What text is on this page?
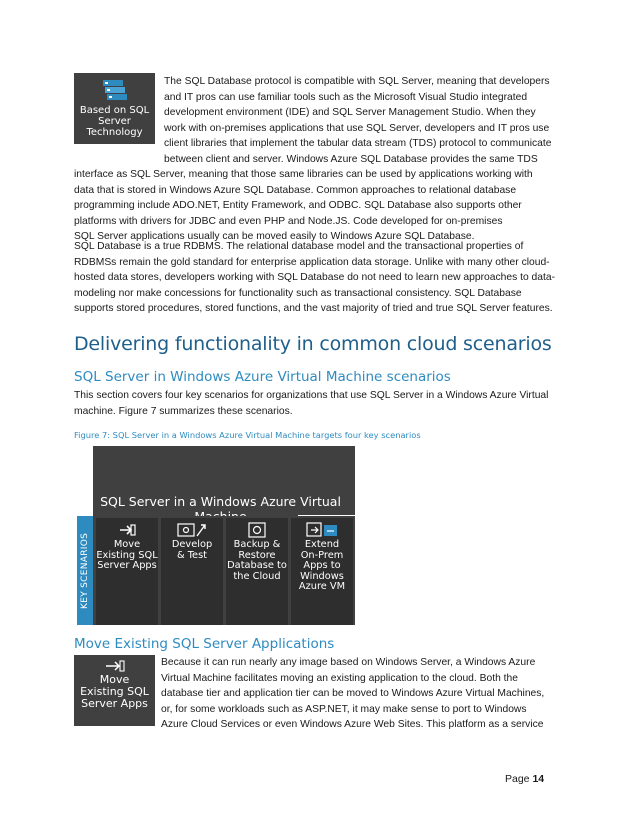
Based on SQL
Server
Technology
The SQL Database protocol is compatible with SQL Server, meaning that developers
and IT pros can use familiar tools such as the Microsoft Visual Studio integrated
development environment (IDE) and SQL Server Management Studio. When they
work with on-premises applications that use SQL Server, developers and IT pros use
client libraries that implement the tabular data stream (TDS) protocol to communicate
between client and server. Windows Azure SQL Database provides the same TDS
interface as SQL Server, meaning that those same libraries can be used by applications working with
data that is stored in Windows Azure SQL Database. Common approaches to relational database
programming include ADO.NET, Entity Framework, and ODBC. SQL Database also supports other
platforms with drivers for JDBC and even PHP and Node.JS. Code developed for on-premises
SQL Server applications usually can be moved easily to Windows Azure SQL Database.
SQL Database is a true RDBMS. The relational database model and the transactional properties of
RDBMSs remain the gold standard for enterprise application data storage. Unlike with many other cloud-
hosted data stores, developers working with SQL Database do not need to learn new approaches to data-
modeling nor make concessions for functionality such as transactional consistency. SQL Database
supports stored procedures, stored functions, and the vast majority of tried and true SQL Server features.
Delivering functionality in common cloud scenarios
SQL Server in Windows Azure Virtual Machine scenarios
This section covers four key scenarios for organizations that use SQL Server in a Windows Azure Virtual
machine. Figure 7 summarizes these scenarios.
Figure 7: SQL Server in a Windows Azure Virtual Machine targets four key scenarios
SQL Server in a Windows Azure Virtual
KEY SCENARIOS	Move
Existing SQL
Server Apps
Develop
& Test
Backup &
Restore
Database to
the Cloud
Extend
On-Prem
Apps to
Windows
Azure VM
Move Existing SQL Server Applications
Move
Existing SQL
Server Apps
Because it can run nearly any image based on Windows Server, a Windows Azure
Virtual Machine facilitates moving an existing application to the cloud. Both the
database tier and application tier can be moved to Windows Azure Virtual Machines,
or, for some workloads such as ASP.NET, it may make sense to port to Windows
Azure Cloud Services or even Windows Azure Web Sites. This platform as a service
Page 14
